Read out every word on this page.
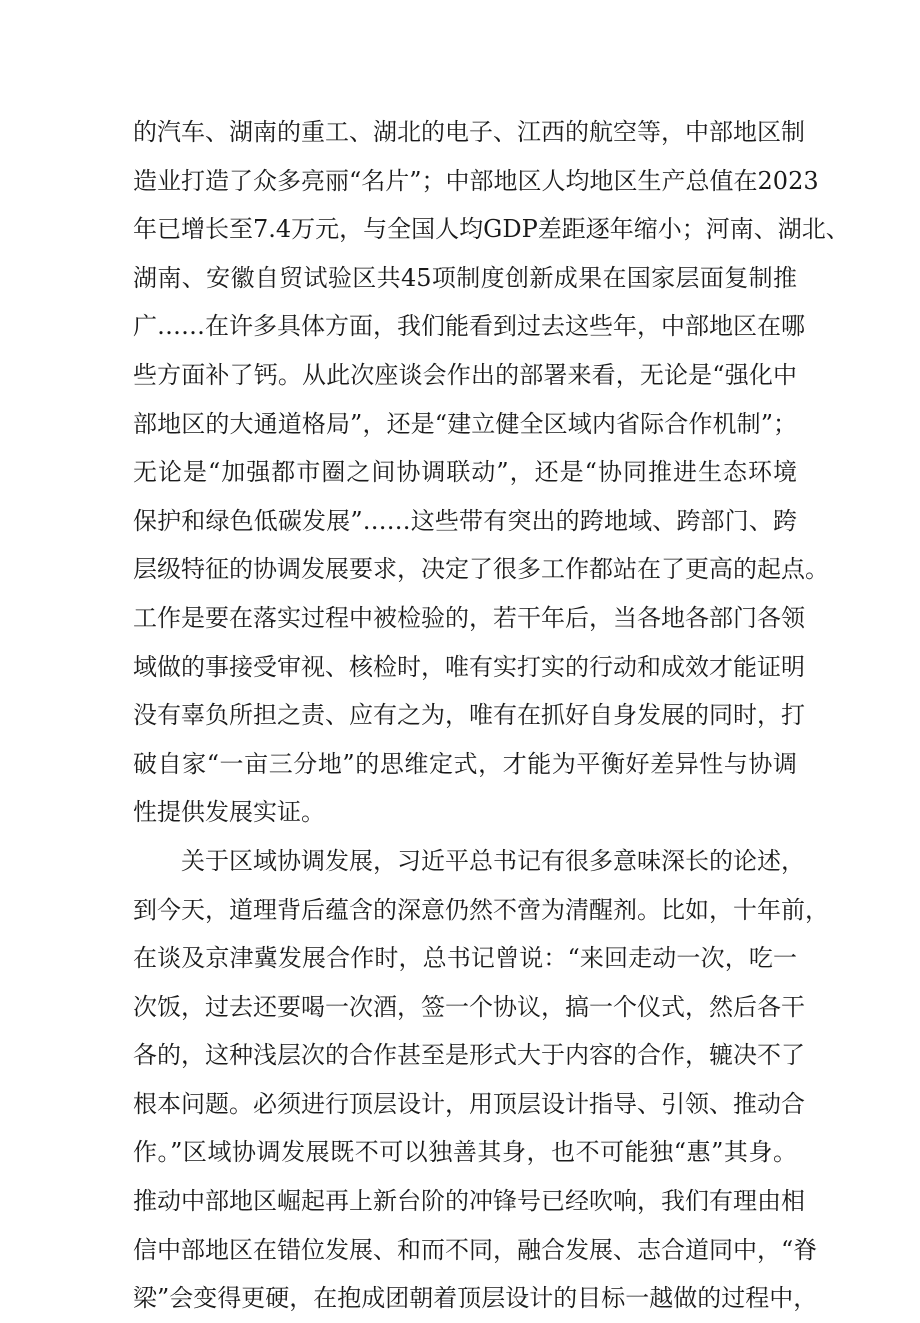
的汽车、湖南的重工、湖北的电子、江西的航空等，中部地区制
造业打造了众多亮丽“名片”；中部地区人均地区生产总值在2023
年已增长至7.4万元，与全国人均GDP差距逐年缩小；河南、湖北、
湖南、安徽自贸试验区共45项制度创新成果在国家层面复制推
广……在许多具体方面，我们能看到过去这些年，中部地区在哪
些方面补了钙。从此次座谈会作出的部署来看，无论是“强化中
部地区的大通道格局”，还是“建立健全区域内省际合作机制”；
无论是“加强都市圈之间协调联动”，还是“协同推进生态环境
保护和绿色低碳发展”……这些带有突出的跨地域、跨部门、跨
层级特征的协调发展要求，决定了很多工作都站在了更高的起点。
工作是要在落实过程中被检验的，若干年后，当各地各部门各领
域做的事接受审视、核检时，唯有实打实的行动和成效才能证明
没有辜负所担之责、应有之为，唯有在抓好自身发展的同时，打
破自家“一亩三分地”的思维定式，才能为平衡好差异性与协调
性提供发展实证。
关于区域协调发展，习近平总书记有很多意味深长的论述，
到今天，道理背后蕴含的深意仍然不啻为清醒剂。比如，十年前，
在谈及京津冀发展合作时，总书记曾说：“来回走动一次，吃一
次饭，过去还要喝一次酒，签一个协议，搞一个仪式，然后各干
各的，这种浅层次的合作甚至是形式大于内容的合作，辘决不了
根本问题。必须进行顶层设计，用顶层设计指导、引领、推动合
作。”区域协调发展既不可以独善其身，也不可能独“惠”其身。
推动中部地区崛起再上新台阶的冲锋号已经吹响，我们有理由相
信中部地区在错位发展、和而不同，融合发展、志合道同中，“脊
梁”会变得更硬，在抱成团朝着顶层设计的目标一越做的过程中，
